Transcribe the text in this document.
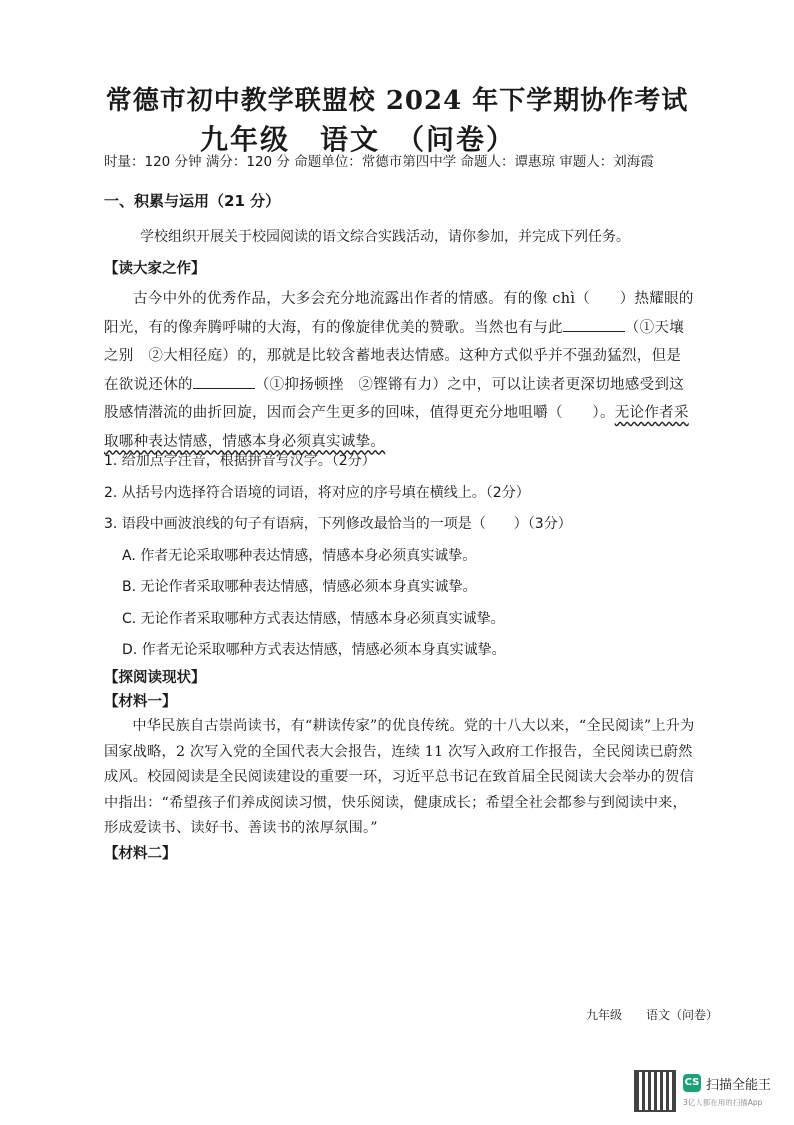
常德市初中教学联盟校 2024 年下学期协作考试
九年级　语文　（问卷）
时量：120 分钟 满分：120 分 命题单位：常德市第四中学 命题人：谭惠琼 审题人：刘海霞
一、积累与运用（21 分）
学校组织开展关于校园阅读的语文综合实践活动，请你参加，并完成下列任务。
【读大家之作】

古今中外的优秀作品，大多会充分地流露出作者的情感。有的像 chì（　　）热耀眼的阳光，有的像奔腾呼啸的大海，有的像旋律优美的赞歌。当然也有与此	（①天壤之别　②大相径庭）的，那就是比较含蓄地表达情感。这种方式似乎并不强劲猛烈，但是在欲说还休的	（①抑扬顿挫　②铿锵有力）之中，可以让读者更深切地感受到这股感情潜流的曲折回旋，因而会产生更多的回味，值得更充分地咀嚼（　　）。无论作者采取哪种表达情感，情感本身必须真实诚挚。

1. 给加点字注音，根据拼音写汉字。（2分）
2. 从括号内选择符合语境的词语，将对应的序号填在横线上。（2分）
3. 语段中画波浪线的句子有语病，下列修改最恰当的一项是（　　）（3分）
A. 作者无论采取哪种表达情感，情感本身必须真实诚挚。
B. 无论作者采取哪种表达情感，情感必须本身真实诚挚。
C. 无论作者采取哪种方式表达情感，情感本身必须真实诚挚。
D. 作者无论采取哪种方式表达情感，情感必须本身真实诚挚。
【探阅读现状】
【材料一】

中华民族自古崇尚读书，有“耕读传家”的优良传统。党的十八大以来，“全民阅读”上升为国家战略，2 次写入党的全国代表大会报告，连续 11 次写入政府工作报告，全民阅读已蔚然成风。校园阅读是全民阅读建设的重要一环，习近平总书记在致首届全民阅读大会举办的贺信中指出：“希望孩子们养成阅读习惯，快乐阅读，健康成长；希望全社会都参与到阅读中来，形成爱读书、读好书、善读书的浓厚氛围。”

【材料二】
九年级　　语文（问卷）
CS 扫描全能王
3亿人都在用的扫描App
